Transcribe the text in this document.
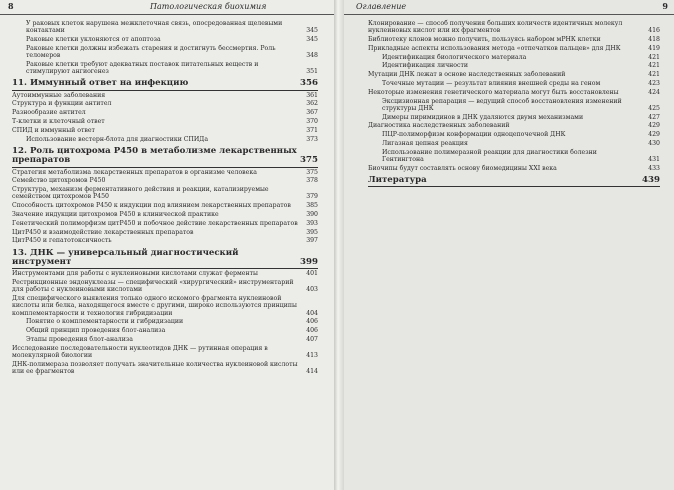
8	Патологическая биохимия
У раковых клеток нарушена межклеточная связь, опосредованная щелевыми контактами	345
Раковые клетки уклоняются от апоптоза	345
Раковые клетки должны избежать старения и достигнуть бессмертия. Роль теломеров	348
Раковые клетки требуют адекватных поставок питательных веществ и стимулируют ангиогенез	351
11. Иммунный ответ на инфекцию	356
Аутоиммунные заболевания	361
Структура и функции антител	362
Разнообразие антител	367
Т-клетки и клеточный ответ	370
СПИД и иммунный ответ	371
Использование вестерн-блота для диагностики СПИДа	373
12. Роль цитохрома Р450 в метаболизме лекарственных препаратов	375
Стратегия метаболизма лекарственных препаратов в организме человека	375
Семейство цитохромов Р450	378
Структура, механизм ферментативного действия и реакции, катализируемые семейством цитохромов Р450	379
Способность цитохромов Р450 к индукции под влиянием лекарственных препаратов	385
Значение индукции цитохромов Р450 в клинической практике	390
Генетический полиморфизм цитР450 и побочное действие лекарственных препаратов	393
ЦитР450 и взаимодействие лекарственных препаратов	395
ЦитР450 и гепатотоксичность	397
13. ДНК — универсальный диагностический инструмент	399
Инструментами для работы с нуклеиновыми кислотами служат ферменты	401
Рестрикционные эндонуклеазы — специфический «хирургический» инструментарий для работы с нуклеиновыми кислотами	403
Для специфического выявления только одного искомого фрагмента нуклеиновой кислоты или белка, находящегося вместе с другими, широко используются принципы комплементарности и технология гибридизации	404
Понятие о комплементарности и гибридизации	406
Общий принцип проведения блот-анализа	406
Этапы проведения блот-анализа	407
Исследование последовательности нуклеотидов ДНК — рутинная операция в молекулярной биологии	413
ДНК-полимераза позволяет получать значительные количества нуклеиновой кислоты или ее фрагментов	414
Оглавление	9
Клонирование — способ получения больших количеств идентичных молекул нуклеиновых кислот или их фрагментов	416
Библиотеку клонов можно получить, пользуясь набором мРНК клетки	418
Прикладные аспекты использования метода «отпечатков пальцев» для ДНК	419
Идентификация биологического материала	421
Идентификация личности	421
Мутации ДНК лежат в основе наследственных заболеваний	421
Точечные мутации — результат влияния внешней среды на геном	423
Некоторые изменения генетического материала могут быть восстановлены	424
Эксцизионная репарация — ведущий способ восстановления изменений структуры ДНК	425
Димеры пиримидинов в ДНК удаляются двумя механизмами	427
Диагностика наследственных заболеваний	429
ПЦР-полиморфизм конформации одноцепочечной ДНК	429
Лигазная цепная реакция	430
Использование полимеразной реакции для диагностики болезни Гентингтона	431
Биочипы будут составлять основу биомедицины XXI века	433
Литература	439
